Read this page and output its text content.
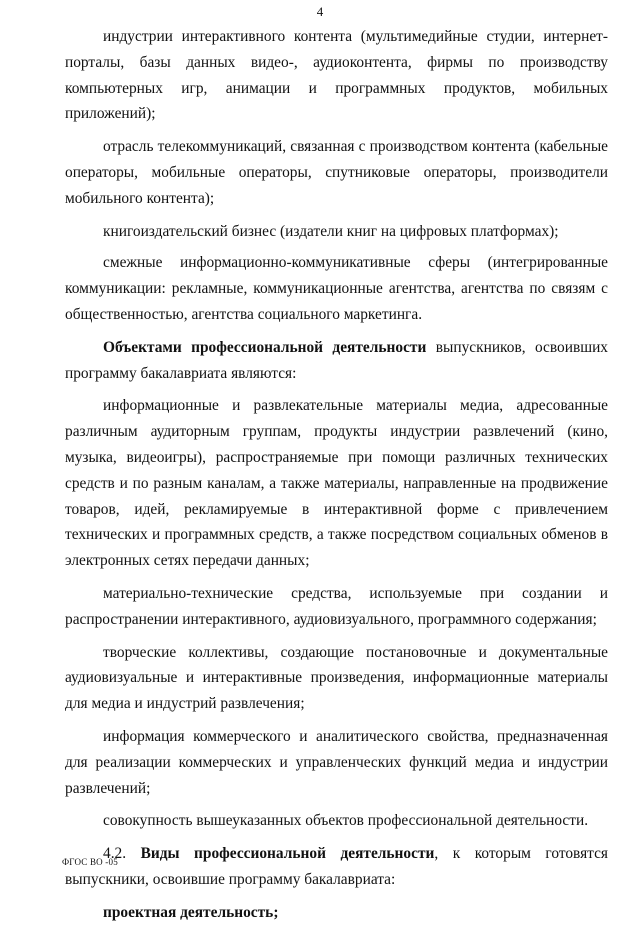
4

индустрии интерактивного контента (мультимедийные студии, интернет-порталы, базы данных видео-, аудиоконтента, фирмы по производству компьютерных игр, анимации и программных продуктов, мобильных приложений);

отрасль телекоммуникаций, связанная с производством контента (кабельные операторы, мобильные операторы, спутниковые операторы, производители мобильного контента);

книгоиздательский бизнес (издатели книг на цифровых платформах);

смежные информационно-коммуникативные сферы (интегрированные коммуникации: рекламные, коммуникационные агентства, агентства по связям с общественностью, агентства социального маркетинга.

Объектами профессиональной деятельности выпускников, освоивших программу бакалавриата являются:

информационные и развлекательные материалы медиа, адресованные различным аудиторным группам, продукты индустрии развлечений (кино, музыка, видеоигры), распространяемые при помощи различных технических средств и по разным каналам, а также материалы, направленные на продвижение товаров, идей, рекламируемые в интерактивной форме с привлечением технических и программных средств, а также посредством социальных обменов в электронных сетях передачи данных;

материально-технические средства, используемые при создании и распространении интерактивного, аудиовизуального, программного содержания;

творческие коллективы, создающие постановочные и документальные аудиовизуальные и интерактивные произведения, информационные материалы для медиа и индустрий развлечения;

информация коммерческого и аналитического свойства, предназначенная для реализации коммерческих и управленческих функций медиа и индустрии развлечений;

совокупность вышеуказанных объектов профессиональной деятельности.

4.2. Виды профессиональной деятельности, к которым готовятся выпускники, освоившие программу бакалавриата:

проектная деятельность;

ФГОС ВО -05
